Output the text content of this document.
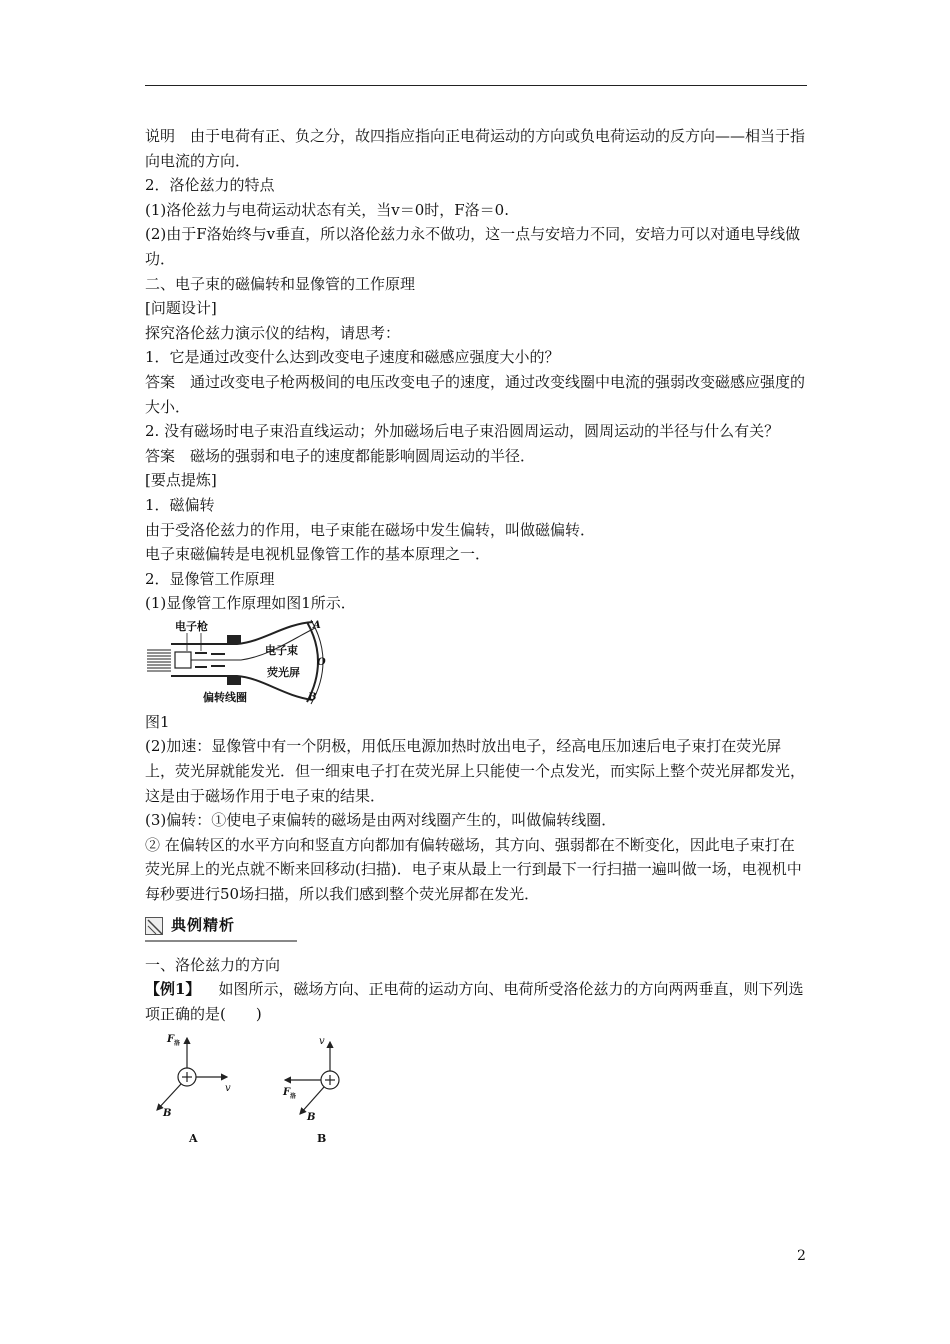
说明　由于电荷有正、负之分，故四指应指向正电荷运动的方向或负电荷运动的反方向——相当于指向电流的方向．

2．洛伦兹力的特点

(1)洛伦兹力与电荷运动状态有关，当v＝0时，F洛＝0.

(2)由于F洛始终与v垂直，所以洛伦兹力永不做功，这一点与安培力不同，安培力可以对通电导线做功．

二、电子束的磁偏转和显像管的工作原理

[问题设计]

探究洛伦兹力演示仪的结构，请思考：

1．它是通过改变什么达到改变电子速度和磁感应强度大小的？

答案　通过改变电子枪两极间的电压改变电子的速度，通过改变线圈中电流的强弱改变磁感应强度的大小．

2. 没有磁场时电子束沿直线运动；外加磁场后电子束沿圆周运动，圆周运动的半径与什么有关？

答案　磁场的强弱和电子的速度都能影响圆周运动的半径．

[要点提炼]

1．磁偏转

由于受洛伦兹力的作用，电子束能在磁场中发生偏转，叫做磁偏转．

电子束磁偏转是电视机显像管工作的基本原理之一．

2．显像管工作原理

(1)显像管工作原理如图1所示．

电子枪
电子束
荧光屏
偏转线圈
A
O
B

图1

(2)加速：显像管中有一个阴极，用低压电源加热时放出电子，经高电压加速后电子束打在荧光屏上，荧光屏就能发光．但一细束电子打在荧光屏上只能使一个点发光，而实际上整个荧光屏都发光，这是由于磁场作用于电子束的结果．

(3)偏转：①使电子束偏转的磁场是由两对线圈产生的，叫做偏转线圈．

② 在偏转区的水平方向和竖直方向都加有偏转磁场，其方向、强弱都在不断变化，因此电子束打在荧光屏上的光点就不断来回移动(扫描)．电子束从最上一行到最下一行扫描一遍叫做一场，电视机中每秒要进行50场扫描，所以我们感到整个荧光屏都在发光．

典例精析

一、洛伦兹力的方向

【例1】 如图所示，磁场方向、正电荷的运动方向、电荷所受洛伦兹力的方向两两垂直，则下列选项正确的是(　　)

F 洛
v
B
A
v
F 洛
B
B
2
